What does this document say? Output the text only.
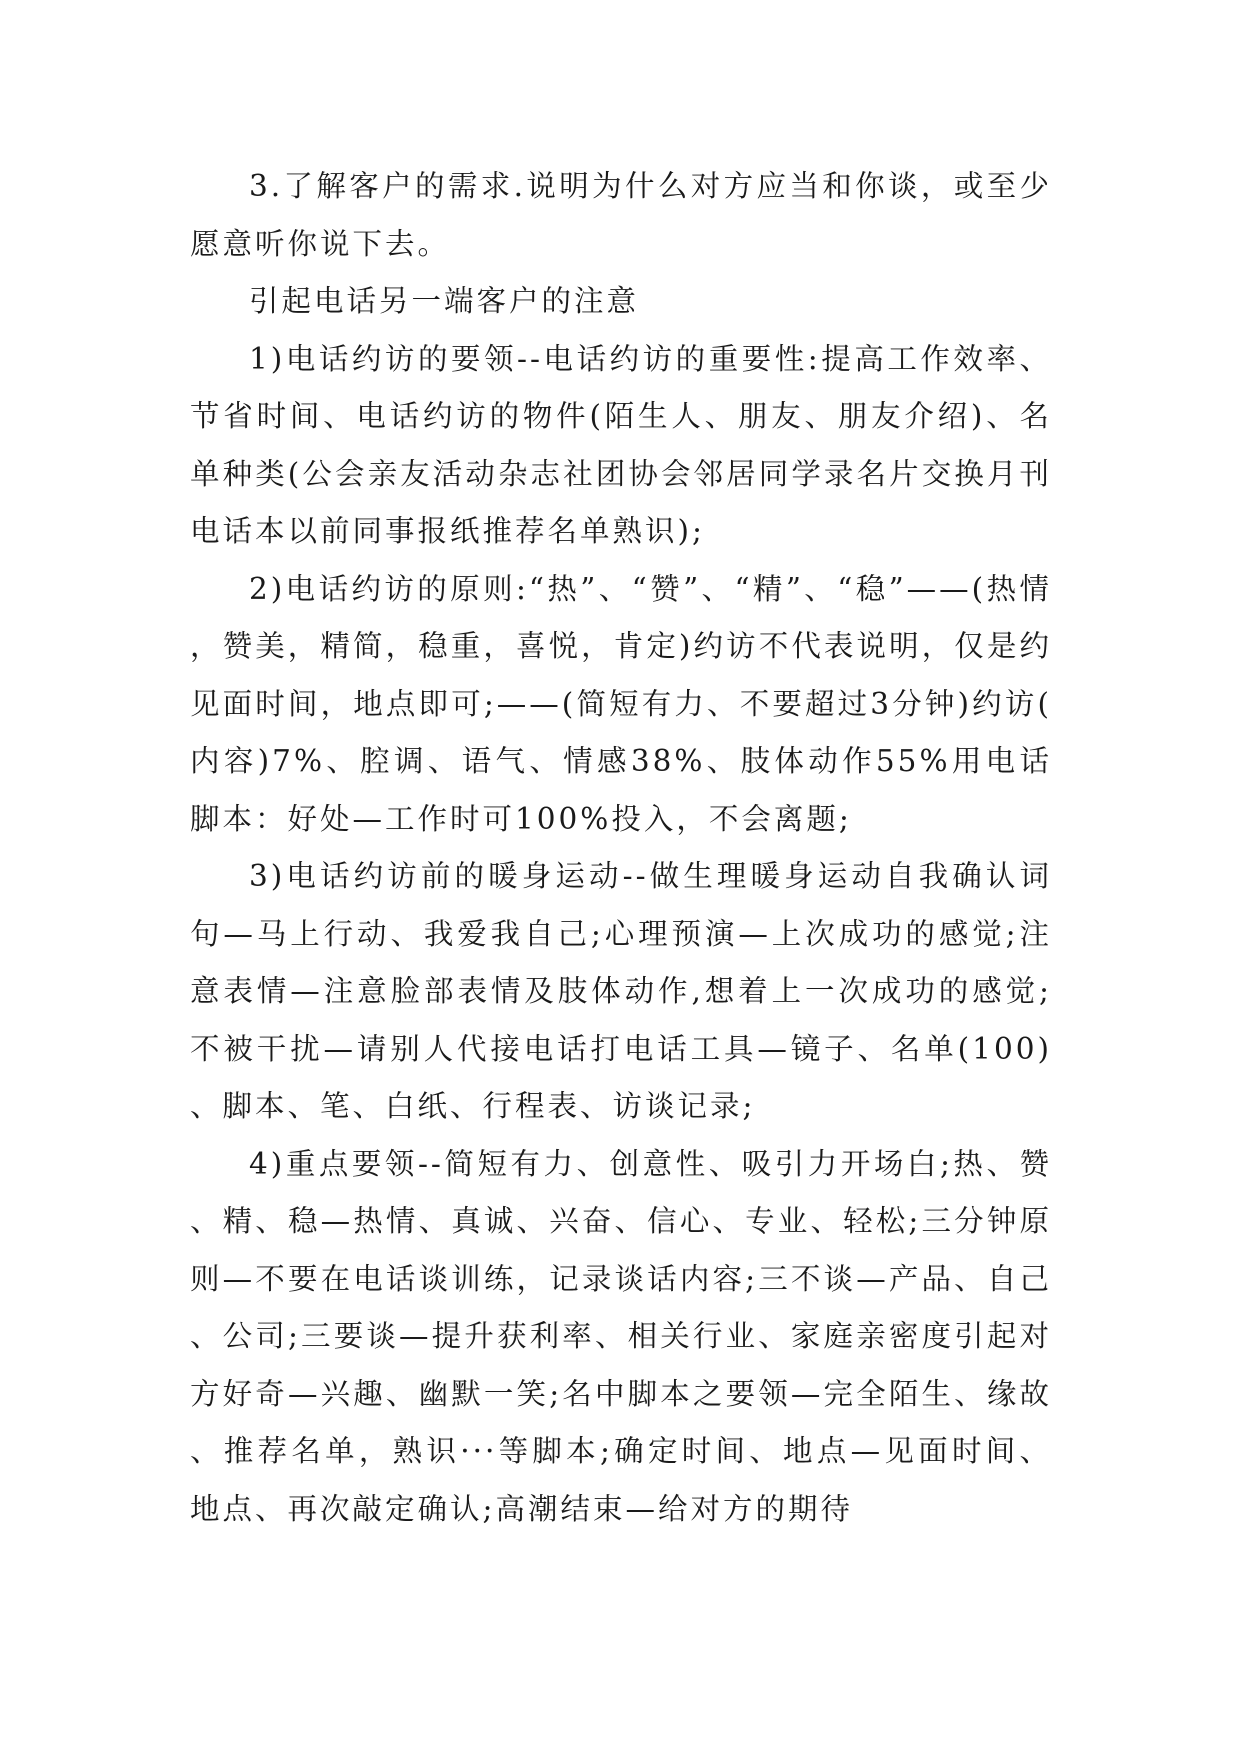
3.了解客户的需求.说明为什么对方应当和你谈，或至少愿意听你说下去。

引起电话另一端客户的注意

1)电话约访的要领--电话约访的重要性:提高工作效率、节省时间、电话约访的物件(陌生人、朋友、朋友介绍)、名单种类(公会亲友活动杂志社团协会邻居同学录名片交换月刊电话本以前同事报纸推荐名单熟识);

2)电话约访的原则:“热”、“赞”、“精”、“稳”——(热情，赞美，精简，稳重，喜悦，肯定)约访不代表说明，仅是约见面时间，地点即可;——(简短有力、不要超过3分钟)约访(内容)7%、腔调、语气、情感38%、肢体动作55%用电话脚本：好处—工作时可100%投入，不会离题;

3)电话约访前的暖身运动--做生理暖身运动自我确认词句—马上行动、我爱我自己;心理预演—上次成功的感觉;注意表情—注意脸部表情及肢体动作,想着上一次成功的感觉;不被干扰—请别人代接电话打电话工具—镜子、名单(100)、脚本、笔、白纸、行程表、访谈记录;

4)重点要领--简短有力、创意性、吸引力开场白;热、赞、精、稳—热情、真诚、兴奋、信心、专业、轻松;三分钟原则—不要在电话谈训练，记录谈话内容;三不谈—产品、自己、公司;三要谈—提升获利率、相关行业、家庭亲密度引起对方好奇—兴趣、幽默一笑;名中脚本之要领—完全陌生、缘故、推荐名单，熟识···等脚本;确定时间、地点—见面时间、地点、再次敲定确认;高潮结束—给对方的期待
